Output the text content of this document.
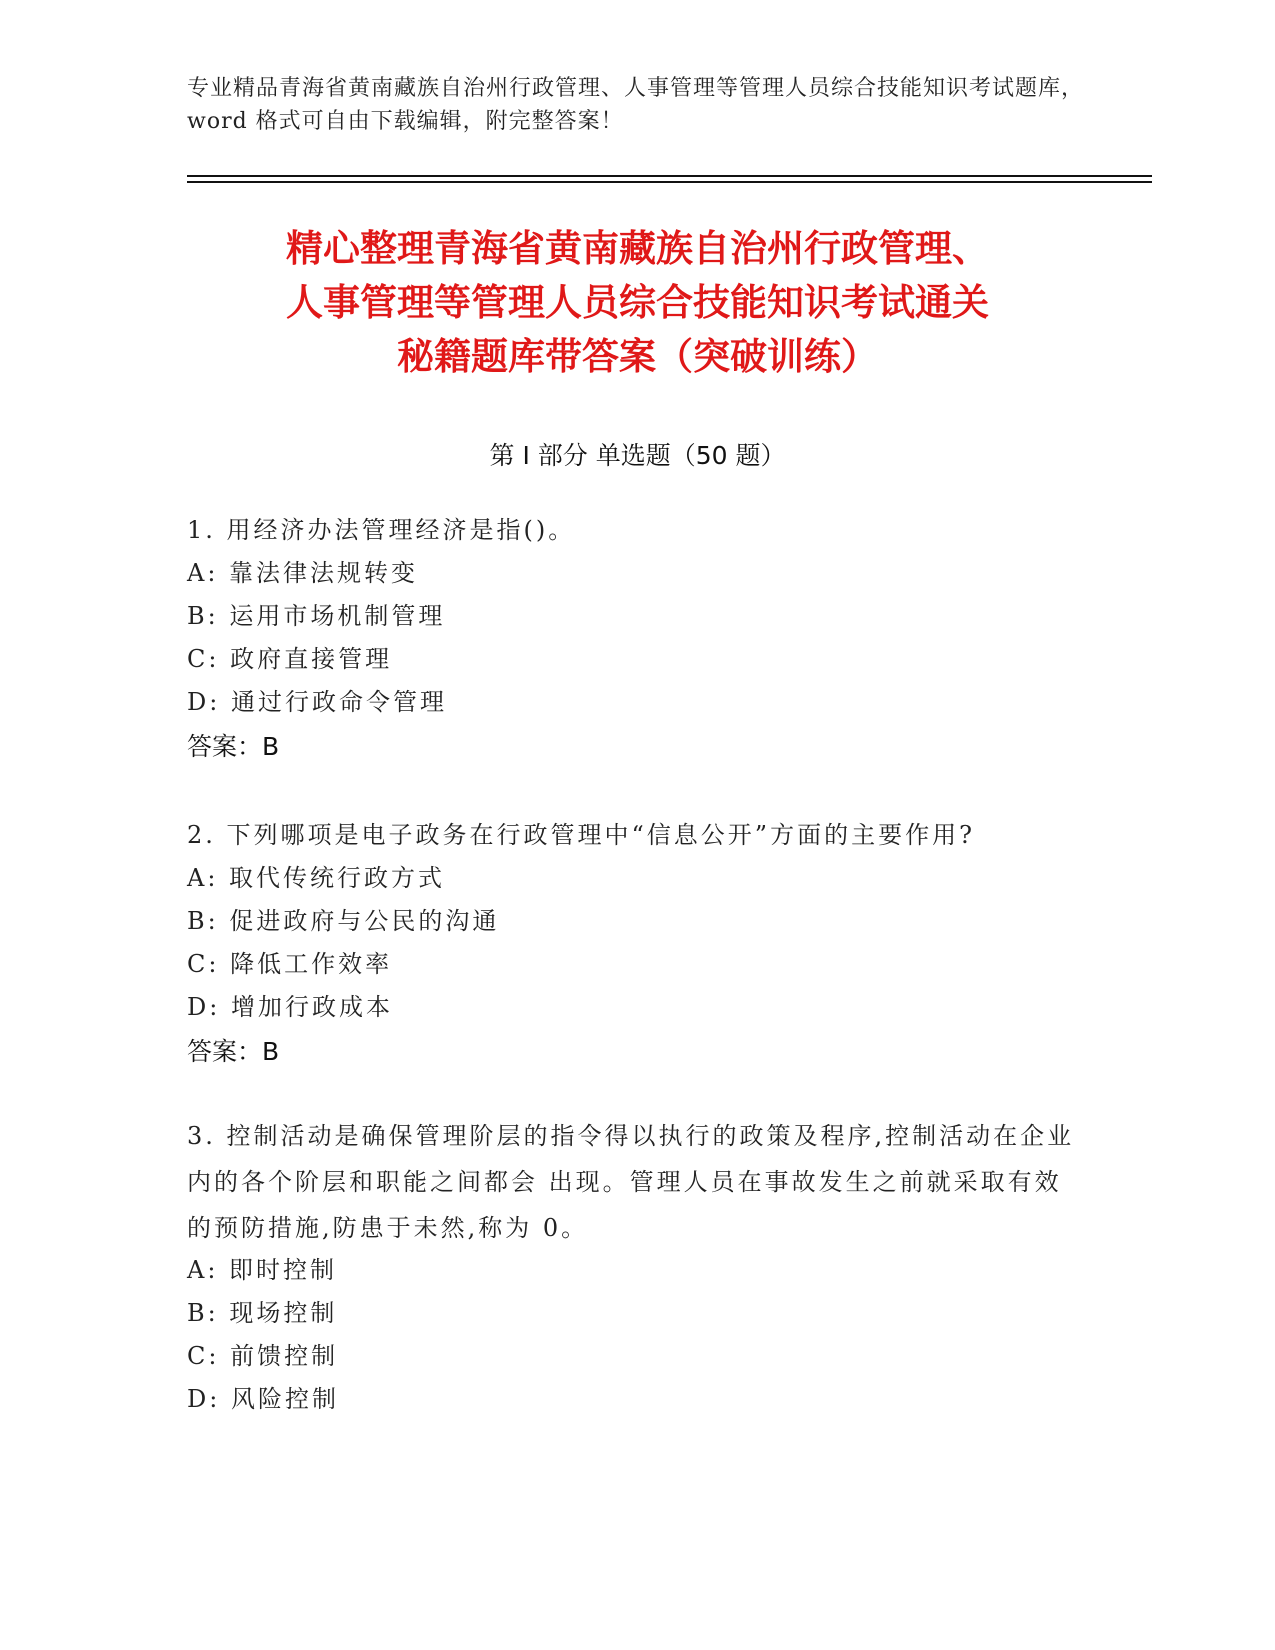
专业精品青海省黄南藏族自治州行政管理、人事管理等管理人员综合技能知识考试题库，word 格式可自由下载编辑，附完整答案！

精心整理青海省黄南藏族自治州行政管理、
人事管理等管理人员综合技能知识考试通关
秘籍题库带答案（突破训练）
第 I 部分 单选题（50 题）

1. 用经济办法管理经济是指()。

A: 靠法律法规转变

B: 运用市场机制管理

C: 政府直接管理

D: 通过行政命令管理

答案：B

2. 下列哪项是电子政务在行政管理中“信息公开”方面的主要作用?

A: 取代传统行政方式

B: 促进政府与公民的沟通

C: 降低工作效率

D: 增加行政成本

答案：B

3. 控制活动是确保管理阶层的指令得以执行的政策及程序,控制活动在企业内的各个阶层和职能之间都会 出现。管理人员在事故发生之前就采取有效的预防措施,防患于未然,称为 0。

A: 即时控制

B: 现场控制

C: 前馈控制

D: 风险控制
